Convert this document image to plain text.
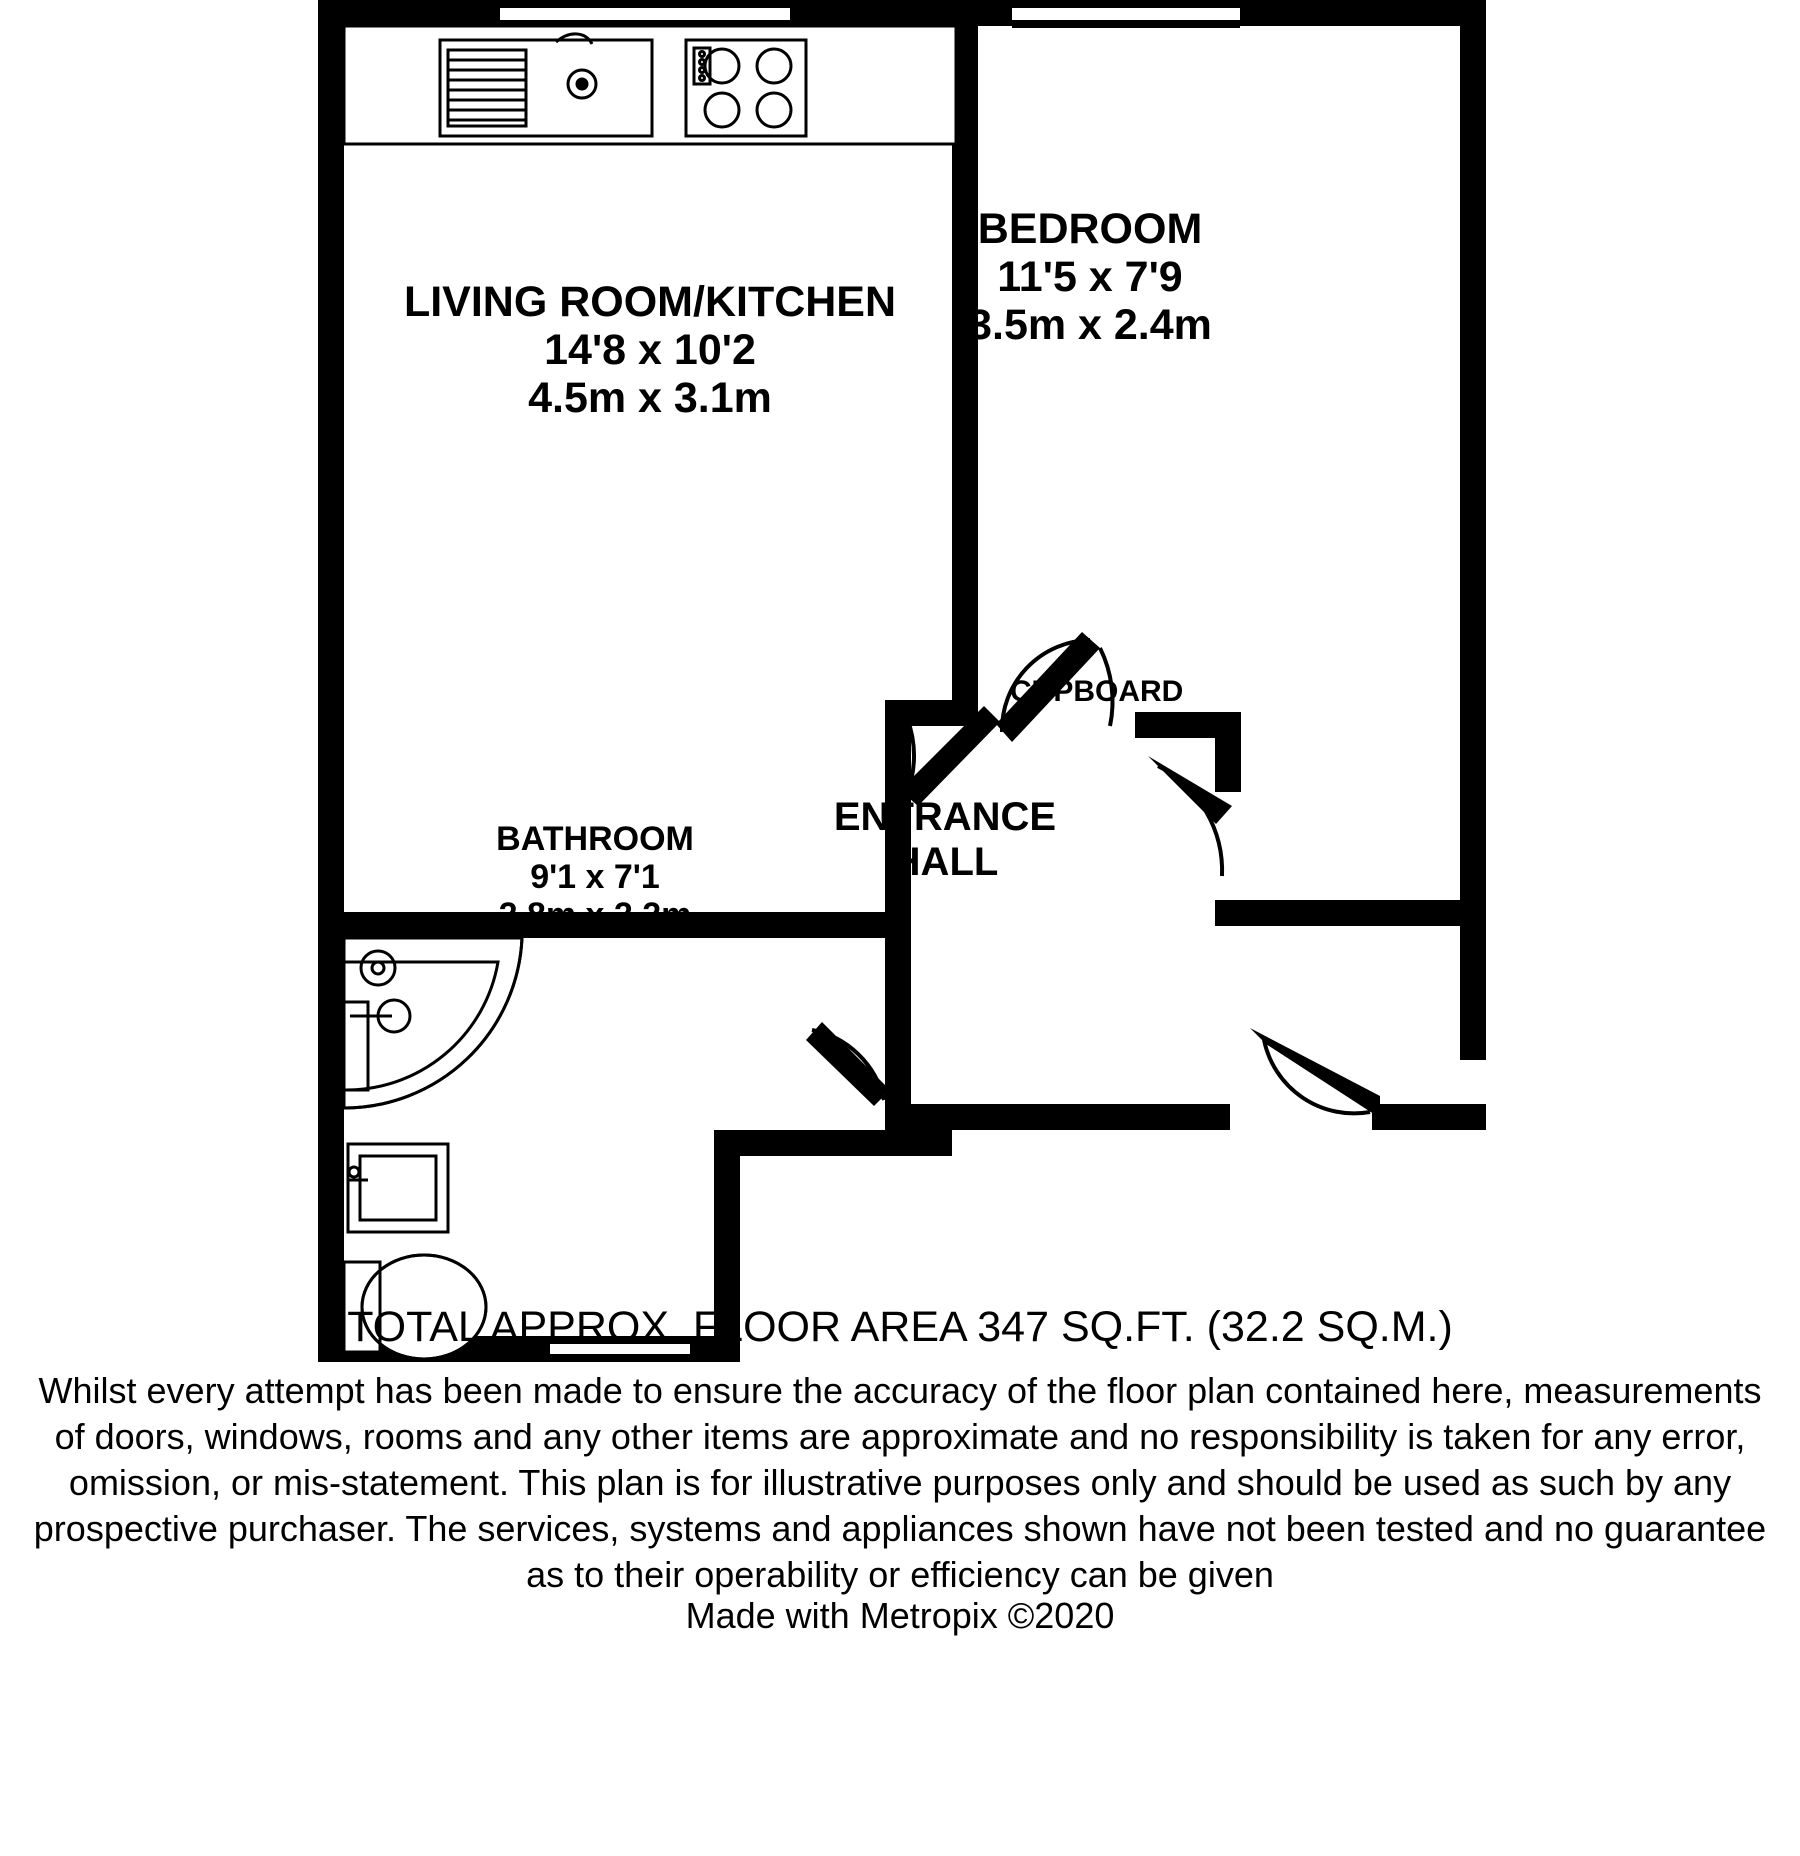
LIVING ROOM/KITCHEN
14'8 x 10'2
4.5m x 3.1m
BEDROOM
11'5 x 7'9
3.5m x 2.4m
BATHROOM
9'1 x 7'1
2.8m x 2.2m
ENTRANCE
HALL
CUPBOARD
TOTAL APPROX. FLOOR AREA 347 SQ.FT. (32.2 SQ.M.)
Whilst every attempt has been made to ensure the accuracy of the floor plan contained here, measurements
of doors, windows, rooms and any other items are approximate and no responsibility is taken for any error,
omission, or mis-statement. This plan is for illustrative purposes only and should be used as such by any
prospective purchaser. The services, systems and appliances shown have not been tested and no guarantee
as to their operability or efficiency can be given
Made with Metropix ©2020
